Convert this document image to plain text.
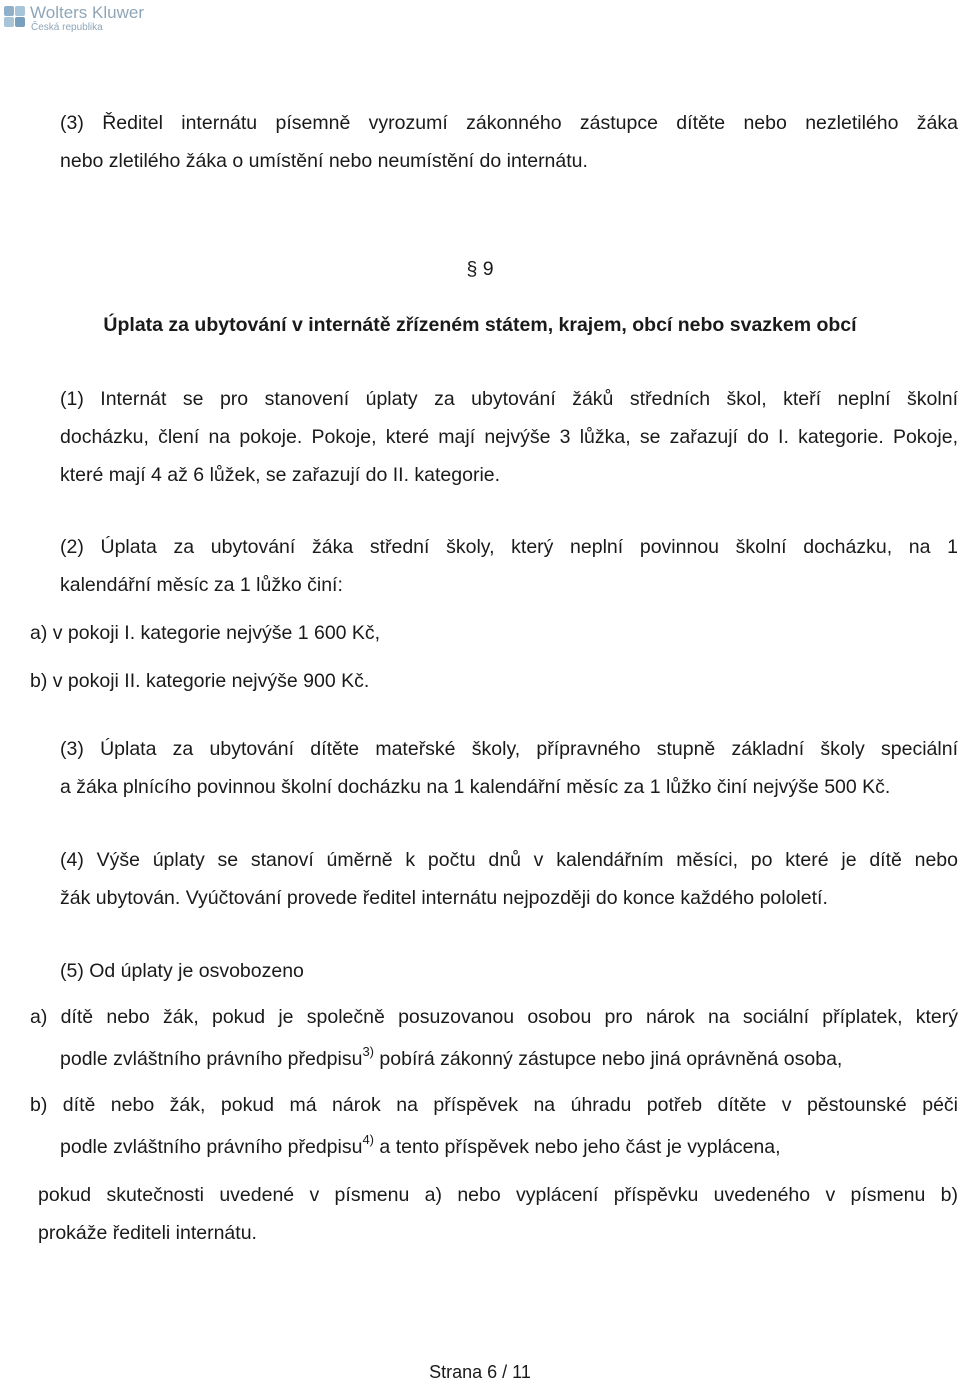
Wolters Kluwer
Česká republika

(3) Ředitel internátu písemně vyrozumí zákonného zástupce dítěte nebo nezletilého žáka
nebo zletilého žáka o umístění nebo neumístění do internátu.

§ 9

Úplata za ubytování v internátě zřízeném státem, krajem, obcí nebo svazkem obcí

(1) Internát se pro stanovení úplaty za ubytování žáků středních škol, kteří neplní školní
docházku, člení na pokoje. Pokoje, které mají nejvýše 3 lůžka, se zařazují do I. kategorie. Pokoje,
které mají 4 až 6 lůžek, se zařazují do II. kategorie.

(2) Úplata za ubytování žáka střední školy, který neplní povinnou školní docházku, na 1
kalendářní měsíc za 1 lůžko činí:

a) v pokoji I. kategorie nejvýše 1 600 Kč,

b) v pokoji II. kategorie nejvýše 900 Kč.

(3) Úplata za ubytování dítěte mateřské školy, přípravného stupně základní školy speciální
a žáka plnícího povinnou školní docházku na 1 kalendářní měsíc za 1 lůžko činí nejvýše 500 Kč.

(4) Výše úplaty se stanoví úměrně k počtu dnů v kalendářním měsíci, po které je dítě nebo
žák ubytován. Vyúčtování provede ředitel internátu nejpozději do konce každého pololetí.

(5) Od úplaty je osvobozeno

a) dítě nebo žák, pokud je společně posuzovanou osobou pro nárok na sociální příplatek, který

podle zvláštního právního předpisu$^{3)}$ pobírá zákonný zástupce nebo jiná oprávněná osoba,

b) dítě nebo žák, pokud má nárok na příspěvek na úhradu potřeb dítěte v pěstounské péči

podle zvláštního právního předpisu$^{4)}$ a tento příspěvek nebo jeho část je vyplácena,

pokud skutečnosti uvedené v písmenu a) nebo vyplácení příspěvku uvedeného v písmenu b)
prokáže řediteli internátu.

Strana 6 / 11
